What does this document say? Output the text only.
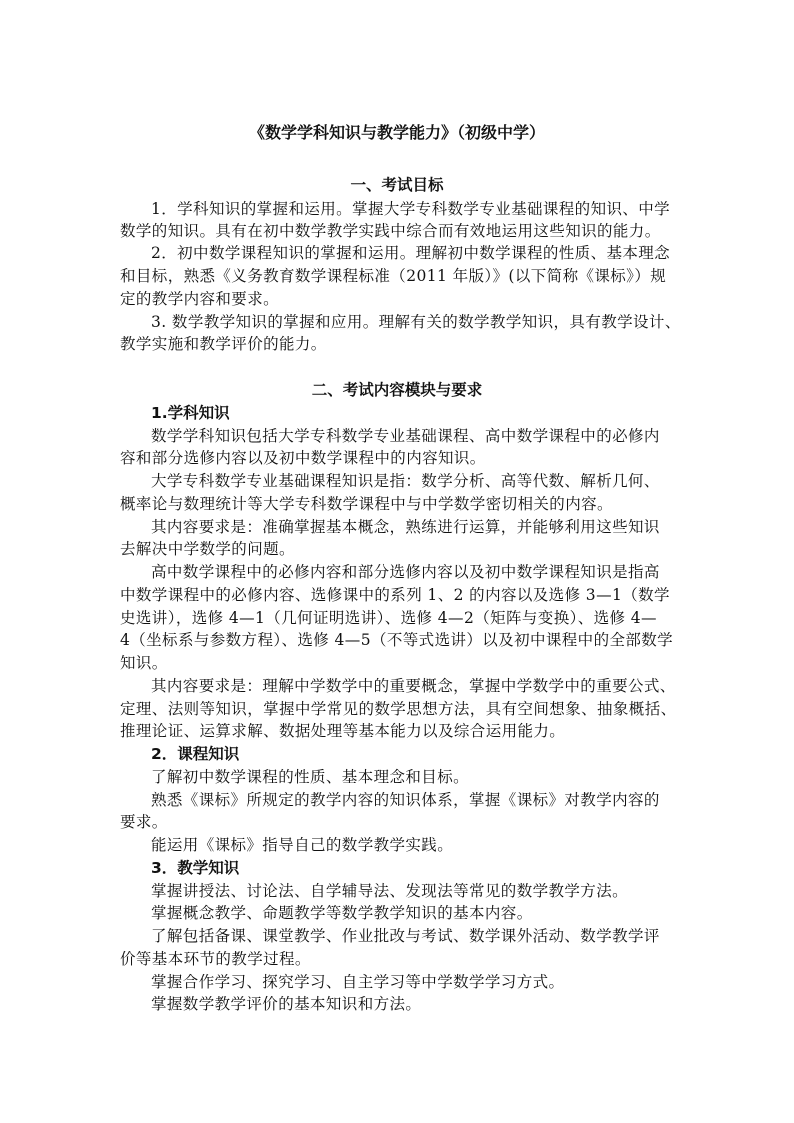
《数学学科知识与教学能力》（初级中学）
一、考试目标
1．学科知识的掌握和运用。掌握大学专科数学专业基础课程的知识、中学
数学的知识。具有在初中数学教学实践中综合而有效地运用这些知识的能力。
2．初中数学课程知识的掌握和运用。理解初中数学课程的性质、基本理念
和目标，熟悉《义务教育数学课程标准（2011 年版）》(以下简称《课标》）规
定的教学内容和要求。
3. 数学教学知识的掌握和应用。理解有关的数学教学知识，具有教学设计、
教学实施和教学评价的能力。
二、考试内容模块与要求
1.学科知识
数学学科知识包括大学专科数学专业基础课程、高中数学课程中的必修内
容和部分选修内容以及初中数学课程中的内容知识。
大学专科数学专业基础课程知识是指：数学分析、高等代数、解析几何、
概率论与数理统计等大学专科数学课程中与中学数学密切相关的内容。
其内容要求是：准确掌握基本概念，熟练进行运算，并能够利用这些知识
去解决中学数学的问题。
高中数学课程中的必修内容和部分选修内容以及初中数学课程知识是指高
中数学课程中的必修内容、选修课中的系列 1、2 的内容以及选修 3—1（数学
史选讲），选修 4—1（几何证明选讲）、选修 4—2（矩阵与变换）、选修 4—
4（坐标系与参数方程）、选修 4—5（不等式选讲）以及初中课程中的全部数学
知识。
其内容要求是：理解中学数学中的重要概念，掌握中学数学中的重要公式、
定理、法则等知识，掌握中学常见的数学思想方法，具有空间想象、抽象概括、
推理论证、运算求解、数据处理等基本能力以及综合运用能力。
2．课程知识
了解初中数学课程的性质、基本理念和目标。
熟悉《课标》所规定的教学内容的知识体系，掌握《课标》对教学内容的
要求。
能运用《课标》指导自己的数学教学实践。
3．教学知识
掌握讲授法、讨论法、自学辅导法、发现法等常见的数学教学方法。
掌握概念教学、命题教学等数学教学知识的基本内容。
了解包括备课、课堂教学、作业批改与考试、数学课外活动、数学教学评
价等基本环节的教学过程。
掌握合作学习、探究学习、自主学习等中学数学学习方式。
掌握数学教学评价的基本知识和方法。
